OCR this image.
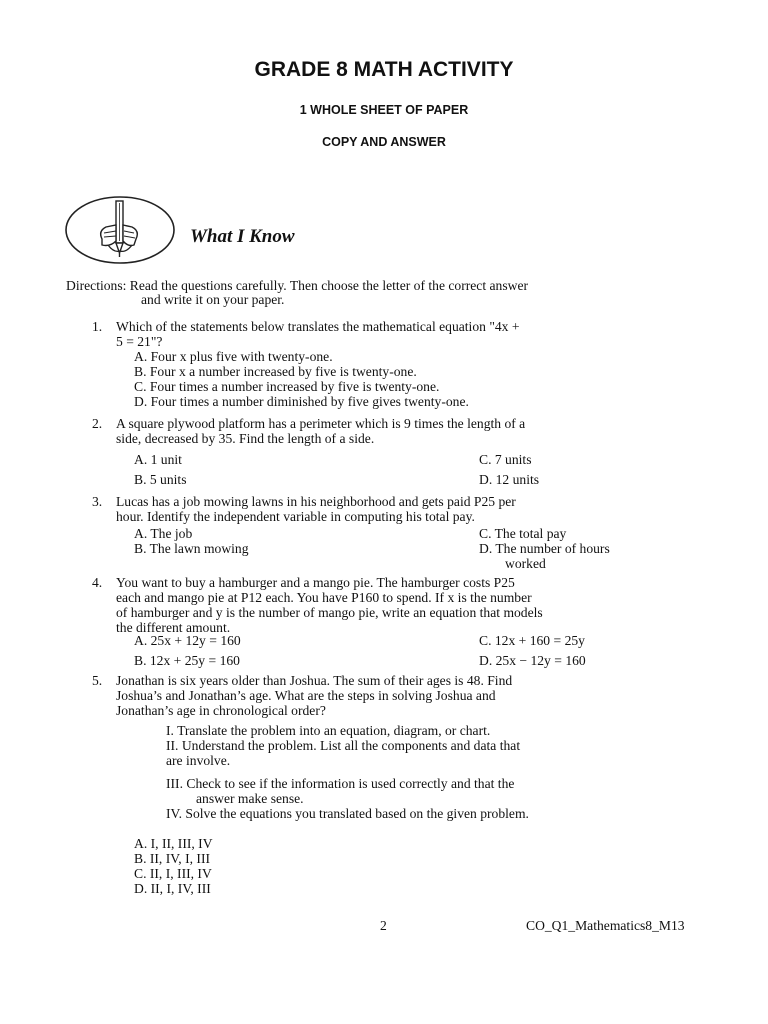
GRADE 8 MATH ACTIVITY
1 WHOLE SHEET OF PAPER
COPY AND ANSWER
What I Know
Directions: Read the questions carefully. Then choose the letter of the correct answer
and write it on your paper.
1. Which of the statements below translates the mathematical equation "4x +
5 = 21"?
A. Four x plus five with twenty-one.
B. Four x a number increased by five is twenty-one.
C. Four times a number increased by five is twenty-one.
D. Four times a number diminished by five gives twenty-one.
2. A square plywood platform has a perimeter which is 9 times the length of a
side, decreased by 35. Find the length of a side.
A. 1 unit	C. 7 units
B. 5 units	D. 12 units
3. Lucas has a job mowing lawns in his neighborhood and gets paid P25 per
hour. Identify the independent variable in computing his total pay.
A. The job	C. The total pay
B. The lawn mowing	D. The number of hours
worked
4. You want to buy a hamburger and a mango pie. The hamburger costs P25
each and mango pie at P12 each. You have P160 to spend. If x is the number
of hamburger and y is the number of mango pie, write an equation that models
the different amount.
A. 25x + 12y = 160	C. 12x + 160 = 25y
B. 12x + 25y = 160	D. 25x − 12y = 160
5. Jonathan is six years older than Joshua. The sum of their ages is 48. Find
Joshua’s and Jonathan’s age. What are the steps in solving Joshua and
Jonathan’s age in chronological order?
I. Translate the problem into an equation, diagram, or chart.
II. Understand the problem. List all the components and data that
are involve.
III. Check to see if the information is used correctly and that the
answer make sense.
IV. Solve the equations you translated based on the given problem.
A. I, II, III, IV
B. II, IV, I, III
C. II, I, III, IV
D. II, I, IV, III
2	CO_Q1_Mathematics8_M13
